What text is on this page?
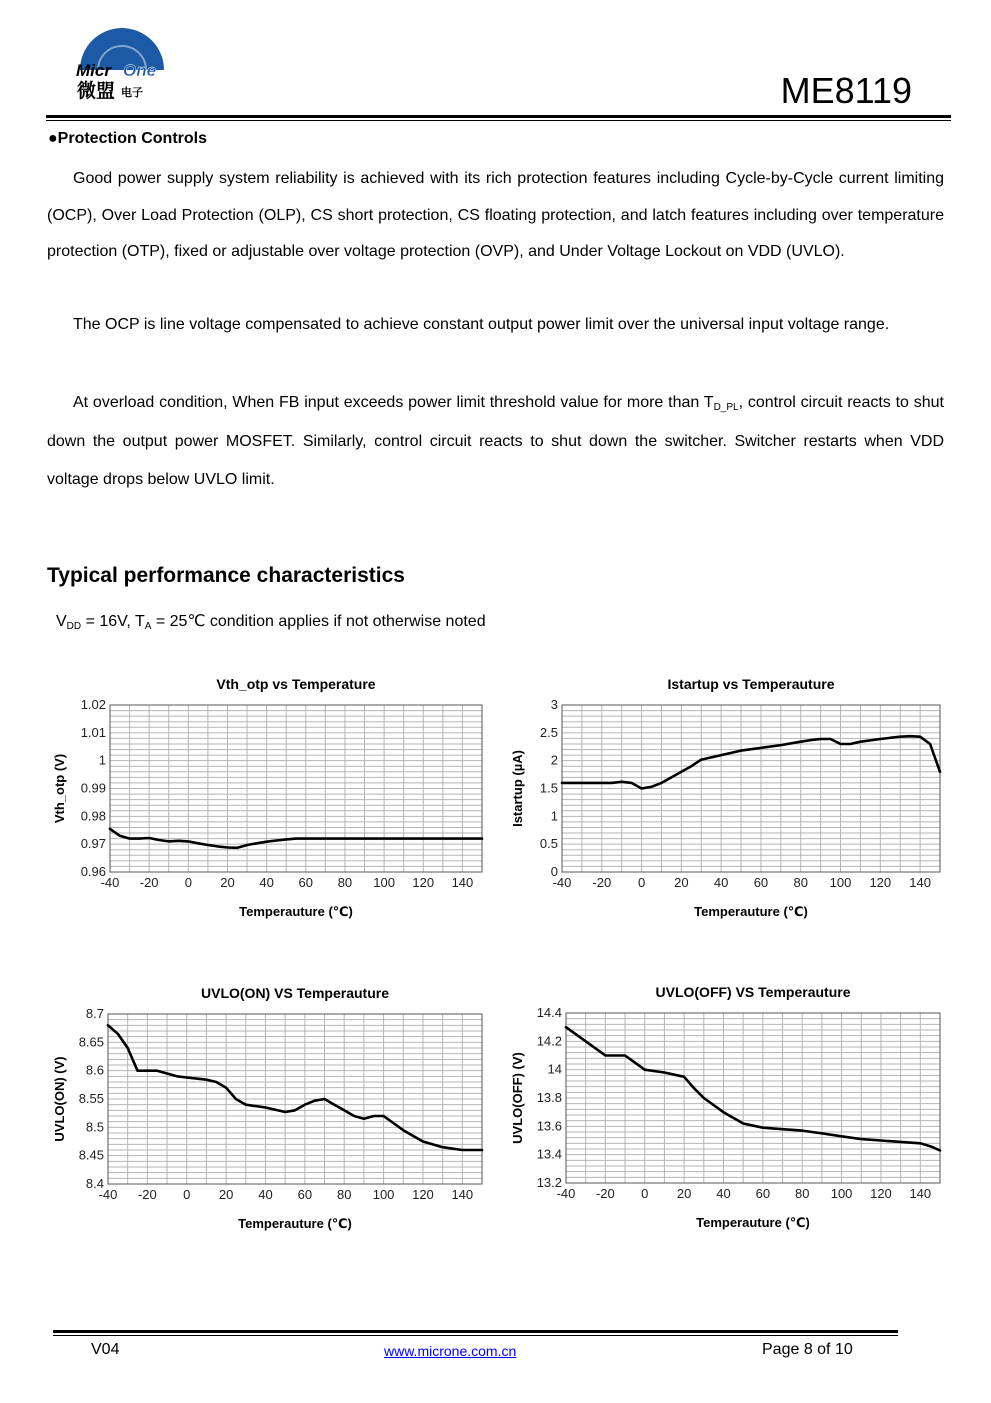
Micr One
微盟 电子	ME8119
●Protection Controls

Good power supply system reliability is achieved with its rich protection features including Cycle-by-Cycle current limiting (OCP), Over Load Protection (OLP), CS short protection, CS floating protection, and latch features including over temperature protection (OTP), fixed or adjustable over voltage protection (OVP), and Under Voltage Lockout on VDD (UVLO).

The OCP is line voltage compensated to achieve constant output power limit over the universal input voltage range.

At overload condition, When FB input exceeds power limit threshold value for more than $T_{D\_PL}$, control circuit reacts to shut down the output power MOSFET. Similarly, control circuit reacts to shut down the switcher. Switcher restarts when VDD voltage drops below UVLO limit.

Typical performance characteristics
$V_{DD} = 16V$, $T_A$ = 25℃ condition applies if not otherwise noted
-40 -20 0 20 40 60 80 100 120 140
0.96
0.97
0.98
0.99
1
1.01
1.02
Vth_otp vs Temperature
Temperauture (℃)
Vth_otp (V)
-40 -20 0 20 40 60 80 100 120 140
0
0.5
1
1.5
2
2.5
3
Istartup vs Temperauture
Temperauture (℃)
Istartup (µA)
-40 -20 0 20 40 60 80 100 120 140
8.4
8.45
8.5
8.55
8.6
8.65
8.7
UVLO(ON) VS Temperauture
Temperauture (℃)
UVLO(ON) (V)
-40 -20 0 20 40 60 80 100 120 140
13.2
13.4
13.6
13.8
14
14.2
14.4
UVLO(OFF) VS Temperauture
Temperauture (℃)
UVLO(OFF) (V)
V04	www.microne.com.cn	Page 8 of 10
